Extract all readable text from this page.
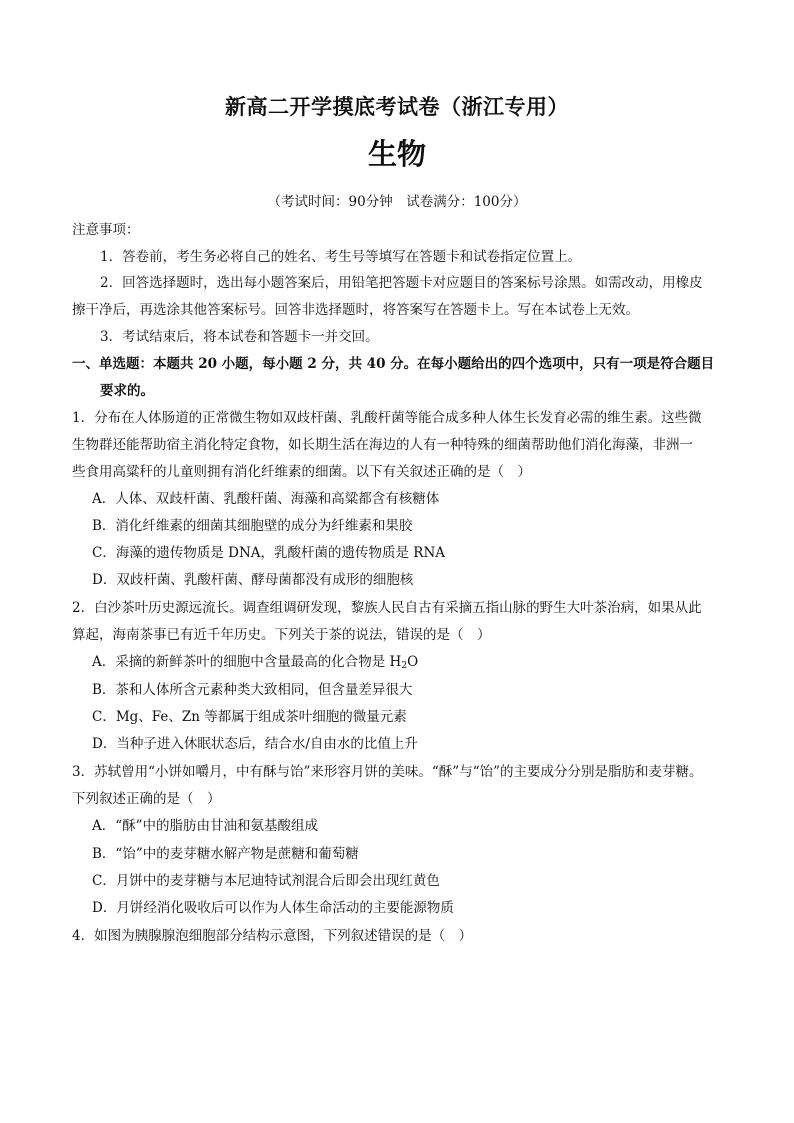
新高二开学摸底考试卷（浙江专用）
生物
（考试时间：90分钟　试卷满分：100分）
注意事项：
1．答卷前，考生务必将自己的姓名、考生号等填写在答题卡和试卷指定位置上。
2．回答选择题时，选出每小题答案后，用铅笔把答题卡对应题目的答案标号涂黑。如需改动，用橡皮
擦干净后，再选涂其他答案标号。回答非选择题时，将答案写在答题卡上。写在本试卷上无效。
3．考试结束后，将本试卷和答题卡一并交回。
一、单选题：本题共 20 小题，每小题 2 分，共 40 分。在每小题给出的四个选项中，只有一项是符合题目
要求的。
1．分布在人体肠道的正常微生物如双歧杆菌、乳酸杆菌等能合成多种人体生长发育必需的维生素。这些微
生物群还能帮助宿主消化特定食物，如长期生活在海边的人有一种特殊的细菌帮助他们消化海藻，非洲一
些食用高粱秆的儿童则拥有消化纤维素的细菌。以下有关叙述正确的是（　）
A．人体、双歧杆菌、乳酸杆菌、海藻和高粱都含有核糖体
B．消化纤维素的细菌其细胞壁的成分为纤维素和果胶
C．海藻的遗传物质是 DNA，乳酸杆菌的遗传物质是 RNA
D．双歧杆菌、乳酸杆菌、酵母菌都没有成形的细胞核
2．白沙茶叶历史源远流长。调查组调研发现，黎族人民自古有采摘五指山脉的野生大叶茶治病，如果从此
算起，海南茶事已有近千年历史。下列关于茶的说法，错误的是（　）
A．采摘的新鲜茶叶的细胞中含量最高的化合物是 $H_2O$
B．茶和人体所含元素种类大致相同，但含量差异很大
C．Mg、Fe、Zn 等都属于组成茶叶细胞的微量元素
D．当种子进入休眠状态后，结合水/自由水的比值上升
3．苏轼曾用“小饼如嚼月，中有酥与饴”来形容月饼的美味。“酥”与“饴”的主要成分分别是脂肪和麦芽糖。
下列叙述正确的是（　）
A．“酥”中的脂肪由甘油和氨基酸组成
B．“饴”中的麦芽糖水解产物是蔗糖和葡萄糖
C．月饼中的麦芽糖与本尼迪特试剂混合后即会出现红黄色
D．月饼经消化吸收后可以作为人体生命活动的主要能源物质
4．如图为胰腺腺泡细胞部分结构示意图，下列叙述错误的是（　）
